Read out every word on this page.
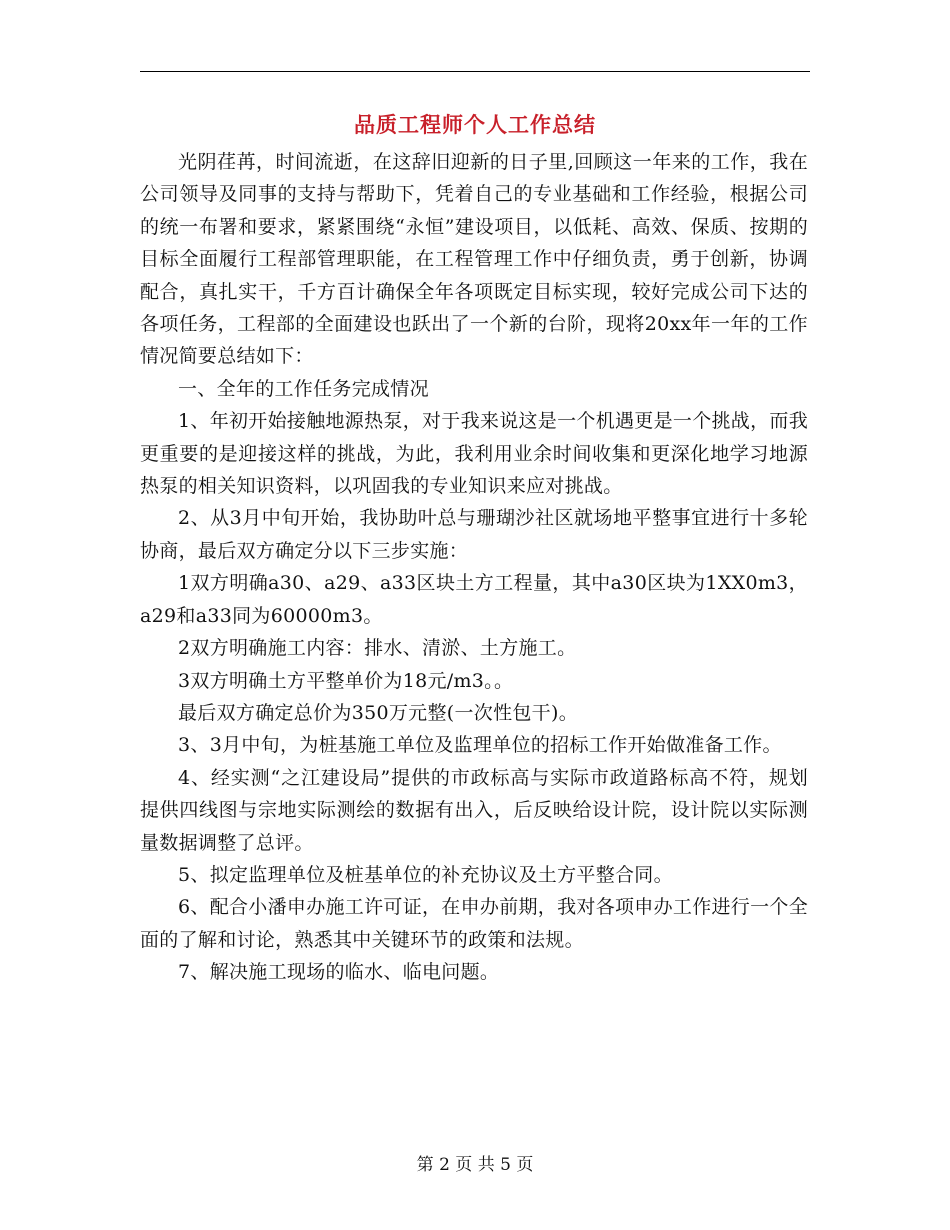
品质工程师个人工作总结

光阴荏苒，时间流逝，在这辞旧迎新的日子里,回顾这一年来的工作，我在公司领导及同事的支持与帮助下，凭着自己的专业基础和工作经验，根据公司的统一布署和要求，紧紧围绕“永恒”建设项目，以低耗、高效、保质、按期的目标全面履行工程部管理职能，在工程管理工作中仔细负责，勇于创新，协调配合，真扎实干，千方百计确保全年各项既定目标实现，较好完成公司下达的各项任务，工程部的全面建设也跃出了一个新的台阶，现将20xx年一年的工作情况简要总结如下：

一、全年的工作任务完成情况

1、年初开始接触地源热泵，对于我来说这是一个机遇更是一个挑战，而我更重要的是迎接这样的挑战，为此，我利用业余时间收集和更深化地学习地源热泵的相关知识资料，以巩固我的专业知识来应对挑战。

2、从3月中旬开始，我协助叶总与珊瑚沙社区就场地平整事宜进行十多轮协商，最后双方确定分以下三步实施：

1双方明确a30、a29、a33区块土方工程量，其中a30区块为1XX0m3，a29和a33同为60000m3。

2双方明确施工内容：排水、清淤、土方施工。

3双方明确土方平整单价为18元/m3。。

最后双方确定总价为350万元整(一次性包干)。

3、3月中旬，为桩基施工单位及监理单位的招标工作开始做准备工作。

4、经实测“之江建设局”提供的市政标高与实际市政道路标高不符，规划提供四线图与宗地实际测绘的数据有出入，后反映给设计院，设计院以实际测量数据调整了总评。

5、拟定监理单位及桩基单位的补充协议及土方平整合同。

6、配合小潘申办施工许可证，在申办前期，我对各项申办工作进行一个全面的了解和讨论，熟悉其中关键环节的政策和法规。

7、解决施工现场的临水、临电问题。

第 2 页 共 5 页
